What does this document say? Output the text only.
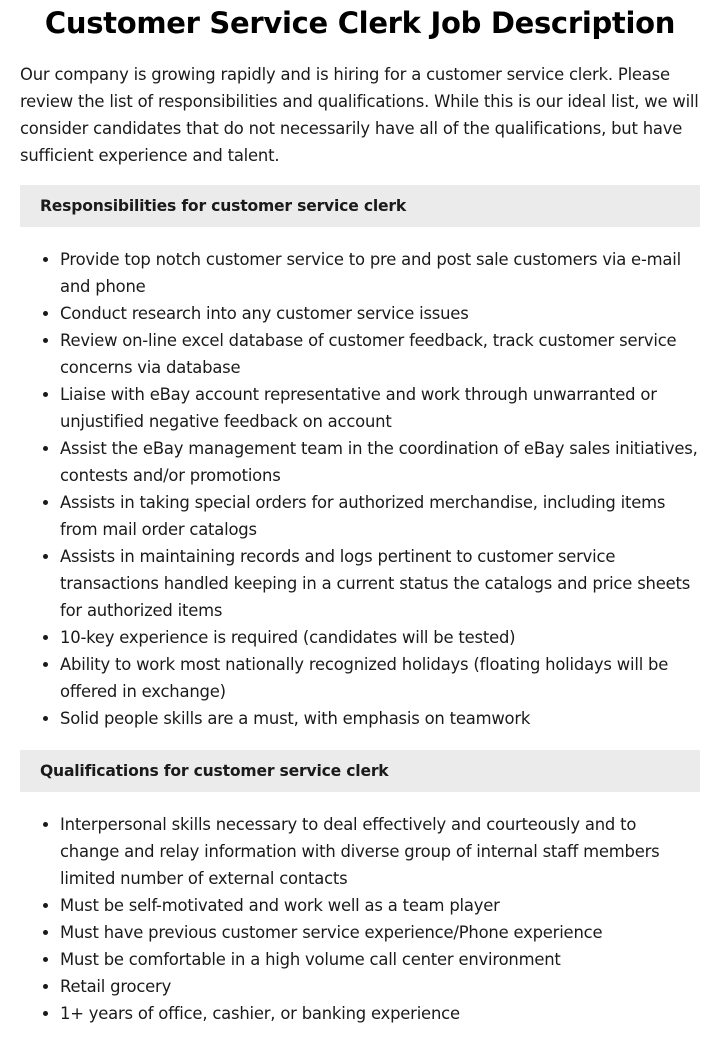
Customer Service Clerk Job Description

Our company is growing rapidly and is hiring for a customer service clerk. Please review the list of responsibilities and qualifications. While this is our ideal list, we will consider candidates that do not necessarily have all of the qualifications, but have sufficient experience and talent.

Responsibilities for customer service clerk
• Provide top notch customer service to pre and post sale customers via e-mail and phone
• Conduct research into any customer service issues
• Review on-line excel database of customer feedback, track customer service concerns via database
• Liaise with eBay account representative and work through unwarranted or unjustified negative feedback on account
• Assist the eBay management team in the coordination of eBay sales initiatives, contests and/or promotions
• Assists in taking special orders for authorized merchandise, including items from mail order catalogs
• Assists in maintaining records and logs pertinent to customer service transactions handled keeping in a current status the catalogs and price sheets for authorized items
• 10-key experience is required (candidates will be tested)
• Ability to work most nationally recognized holidays (floating holidays will be offered in exchange)
• Solid people skills are a must, with emphasis on teamwork
Qualifications for customer service clerk
• Interpersonal skills necessary to deal effectively and courteously and to change and relay information with diverse group of internal staff members limited number of external contacts
• Must be self-motivated and work well as a team player
• Must have previous customer service experience/Phone experience
• Must be comfortable in a high volume call center environment
• Retail grocery
• 1+ years of office, cashier, or banking experience
